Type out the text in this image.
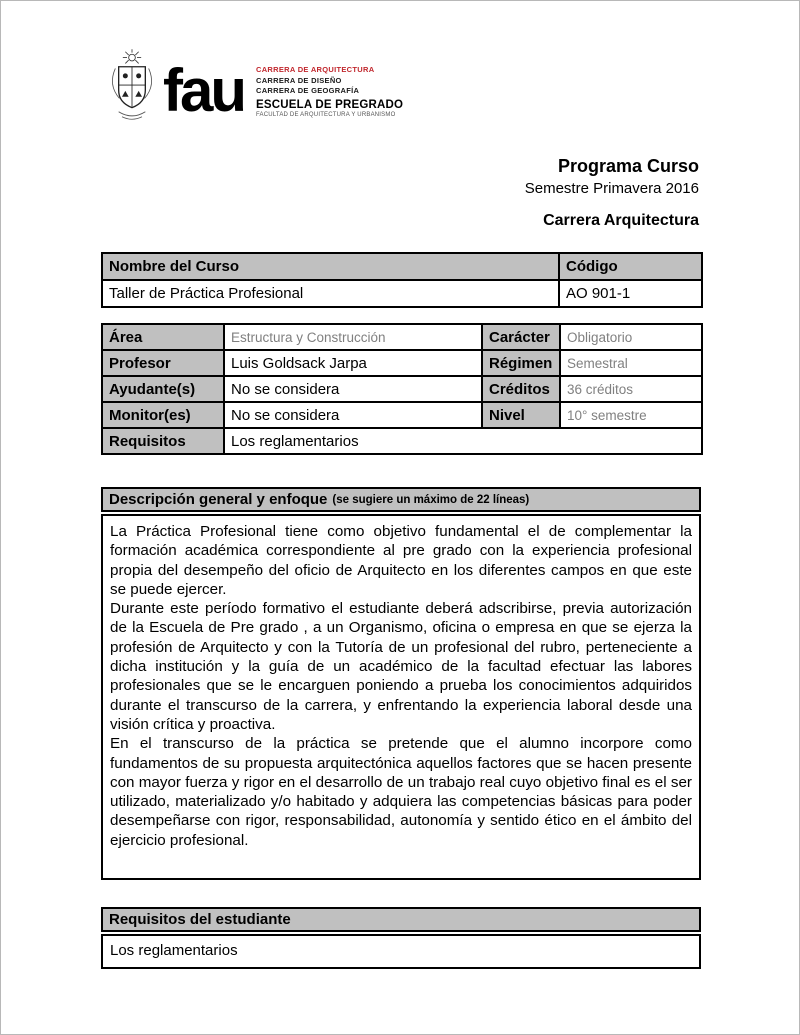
fau CARRERA DE ARQUITECTURA
CARRERA DE DISEÑO
CARRERA DE GEOGRAFÍA
ESCUELA DE PREGRADO
FACULTAD DE ARQUITECTURA Y URBANISMO
Programa Curso
Semestre Primavera 2016
Carrera Arquitectura
Nombre del Curso	Código
Taller de Práctica Profesional	AO 901-1
Área	Estructura y Construcción	Carácter	Obligatorio
Profesor	Luis Goldsack Jarpa	Régimen	Semestral
Ayudante(s)	No se considera	Créditos	36 créditos
Monitor(es)	No se considera	Nivel	10° semestre
Requisitos	Los reglamentarios		
Descripción general y enfoque (se sugiere un máximo de 22 líneas)

La Práctica Profesional tiene como objetivo fundamental el de complementar la formación académica correspondiente al pre grado con la experiencia profesional propia del desempeño del oficio de Arquitecto en los diferentes campos en que este se puede ejercer.

Durante este período formativo el estudiante deberá adscribirse, previa autorización de la Escuela de Pre grado , a un Organismo, oficina o empresa en que se ejerza la profesión de Arquitecto y con la Tutoría de un profesional del rubro, perteneciente a dicha institución y la guía de un académico de la facultad efectuar las labores profesionales que se le encarguen poniendo a prueba los conocimientos adquiridos durante el transcurso de la carrera, y enfrentando la experiencia laboral desde una visión crítica y proactiva.

En el transcurso de la práctica se pretende que el alumno incorpore como fundamentos de su propuesta arquitectónica aquellos factores que se hacen presente con mayor fuerza y rigor en el desarrollo de un trabajo real cuyo objetivo final es el ser utilizado, materializado y/o habitado y adquiera las competencias básicas para poder desempeñarse con rigor, responsabilidad, autonomía y sentido ético en el ámbito del ejercicio profesional.

Requisitos del estudiante

Los reglamentarios
